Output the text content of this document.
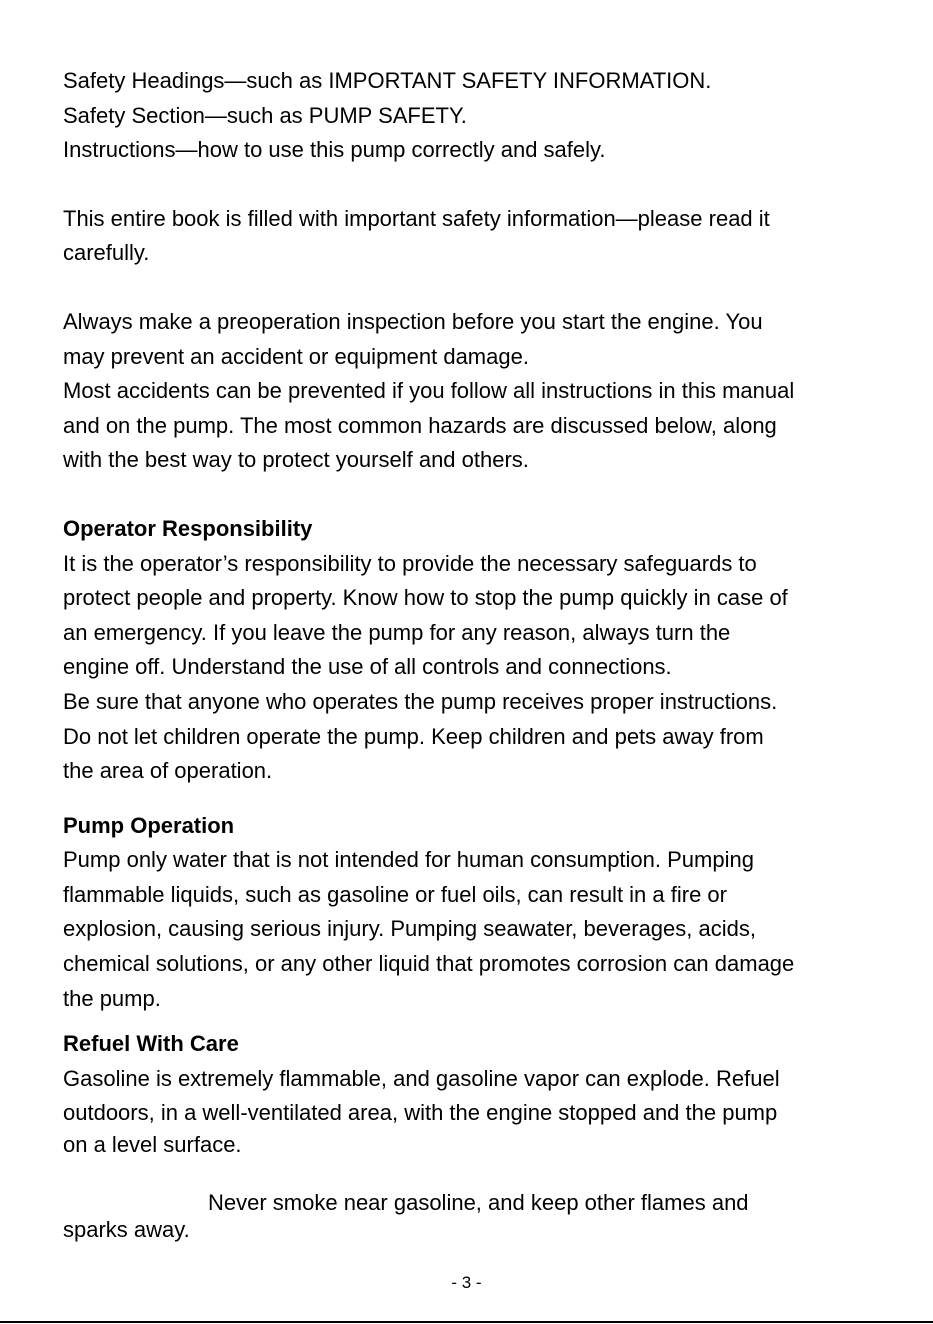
Safety Headings—such as IMPORTANT SAFETY INFORMATION.
Safety Section—such as PUMP SAFETY.
Instructions—how to use this pump correctly and safely.
This entire book is filled with important safety information—please read it
carefully.
Always make a preoperation inspection before you start the engine. You
may prevent an accident or equipment damage.
Most accidents can be prevented if you follow all instructions in this manual
and on the pump. The most common hazards are discussed below, along
with the best way to protect yourself and others.
Operator Responsibility
It is the operator’s responsibility to provide the necessary safeguards to
protect people and property. Know how to stop the pump quickly in case of
an emergency. If you leave the pump for any reason, always turn the
engine off. Understand the use of all controls and connections.
Be sure that anyone who operates the pump receives proper instructions.
Do not let children operate the pump. Keep children and pets away from
the area of operation.
Pump Operation
Pump only water that is not intended for human consumption. Pumping
flammable liquids, such as gasoline or fuel oils, can result in a fire or
explosion, causing serious injury. Pumping seawater, beverages, acids,
chemical solutions, or any other liquid that promotes corrosion can damage
the pump.
Refuel With Care
Gasoline is extremely flammable, and gasoline vapor can explode. Refuel
outdoors, in a well-ventilated area, with the engine stopped and the pump
on a level surface.
Never smoke near gasoline, and keep other flames and
sparks away.
- 3 -
